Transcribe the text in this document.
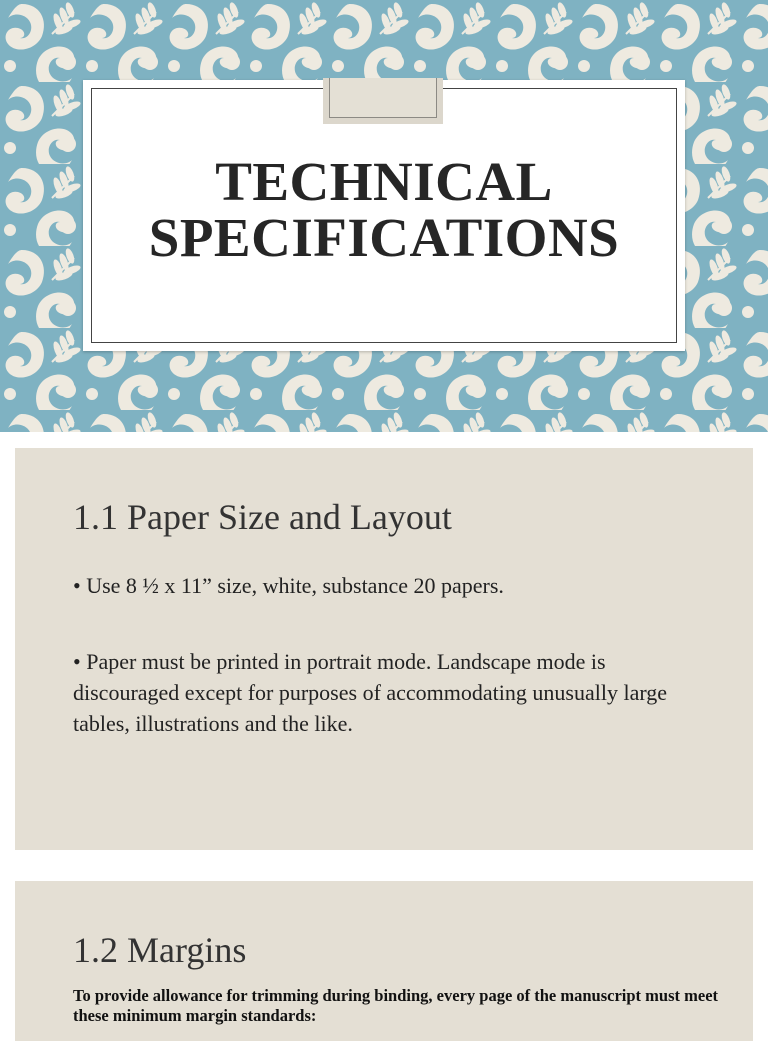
TECHNICAL
SPECIFICATIONS
1.1 Paper Size and Layout

• Use 8 ½ x 11” size, white, substance 20 papers.

• Paper must be printed in portrait mode. Landscape mode is discouraged except for purposes of accommodating unusually large tables, illustrations and the like.

1.2 Margins

To provide allowance for trimming during binding, every page of the manuscript must meet these minimum margin standards:
